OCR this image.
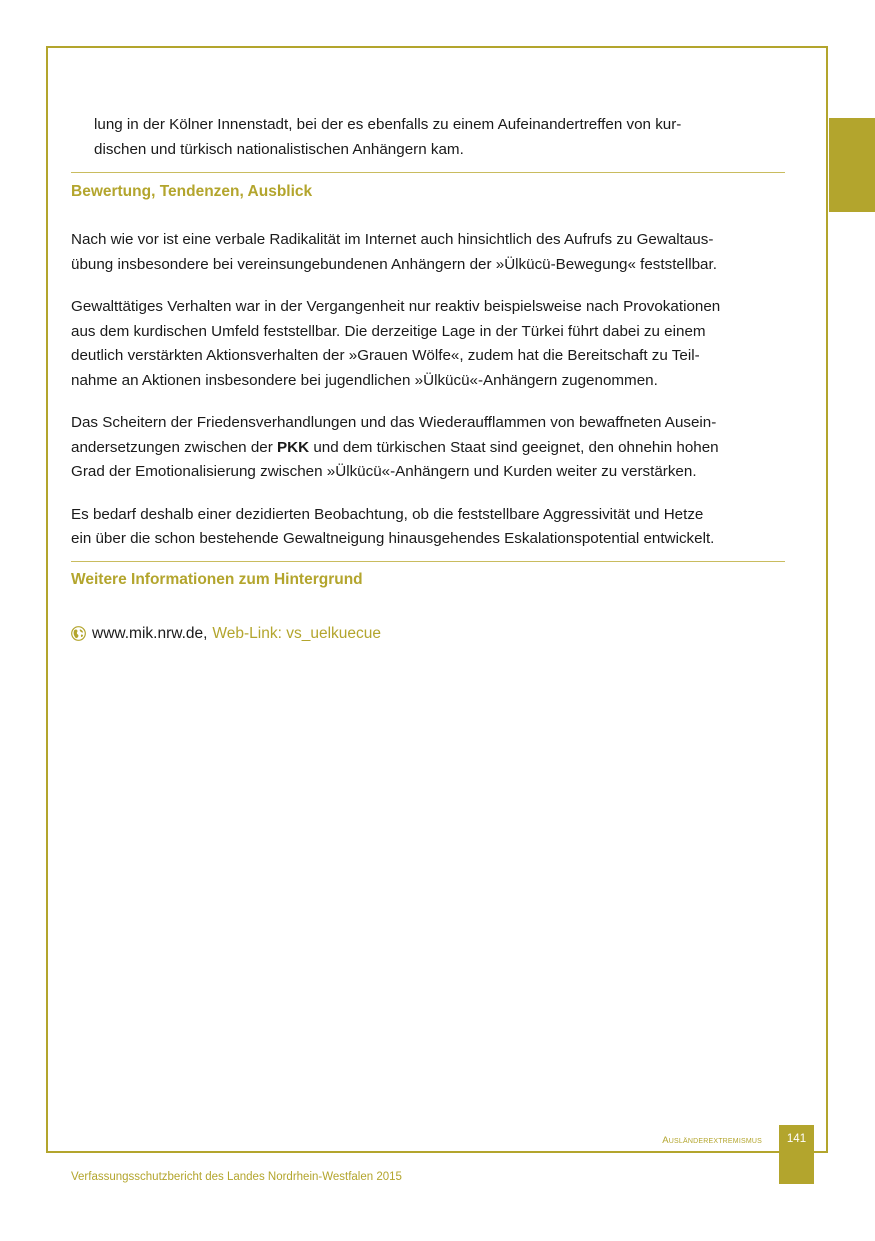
lung in der Kölner Innenstadt, bei der es ebenfalls zu einem Aufeinandertreffen von kur-
dischen und türkisch nationalistischen Anhängern kam.
Bewertung, Tendenzen, Ausblick
Nach wie vor ist eine verbale Radikalität im Internet auch hinsichtlich des Aufrufs zu Gewaltaus-
übung insbesondere bei vereinsungebundenen Anhängern der »Ülkücü-Bewegung« feststellbar.
Gewalttätiges Verhalten war in der Vergangenheit nur reaktiv beispielsweise nach Provokationen
aus dem kurdischen Umfeld feststellbar. Die derzeitige Lage in der Türkei führt dabei zu einem
deutlich verstärkten Aktionsverhalten der »Grauen Wölfe«, zudem hat die Bereitschaft zu Teil-
nahme an Aktionen insbesondere bei jugendlichen »Ülkücü«-Anhängern zugenommen.
Das Scheitern der Friedensverhandlungen und das Wiederaufflammen von bewaffneten Ausein-
andersetzungen zwischen der PKK und dem türkischen Staat sind geeignet, den ohnehin hohen
Grad der Emotionalisierung zwischen »Ülkücü«-Anhängern und Kurden weiter zu verstärken.
Es bedarf deshalb einer dezidierten Beobachtung, ob die feststellbare Aggressivität und Hetze
ein über die schon bestehende Gewaltneigung hinausgehendes Eskalationspotential entwickelt.
Weitere Informationen zum Hintergrund
www.mik.nrw.de, Web-Link: vs_uelkuecue
Ausländerextremismus	141
Verfassungsschutzbericht des Landes Nordrhein-Westfalen 2015
